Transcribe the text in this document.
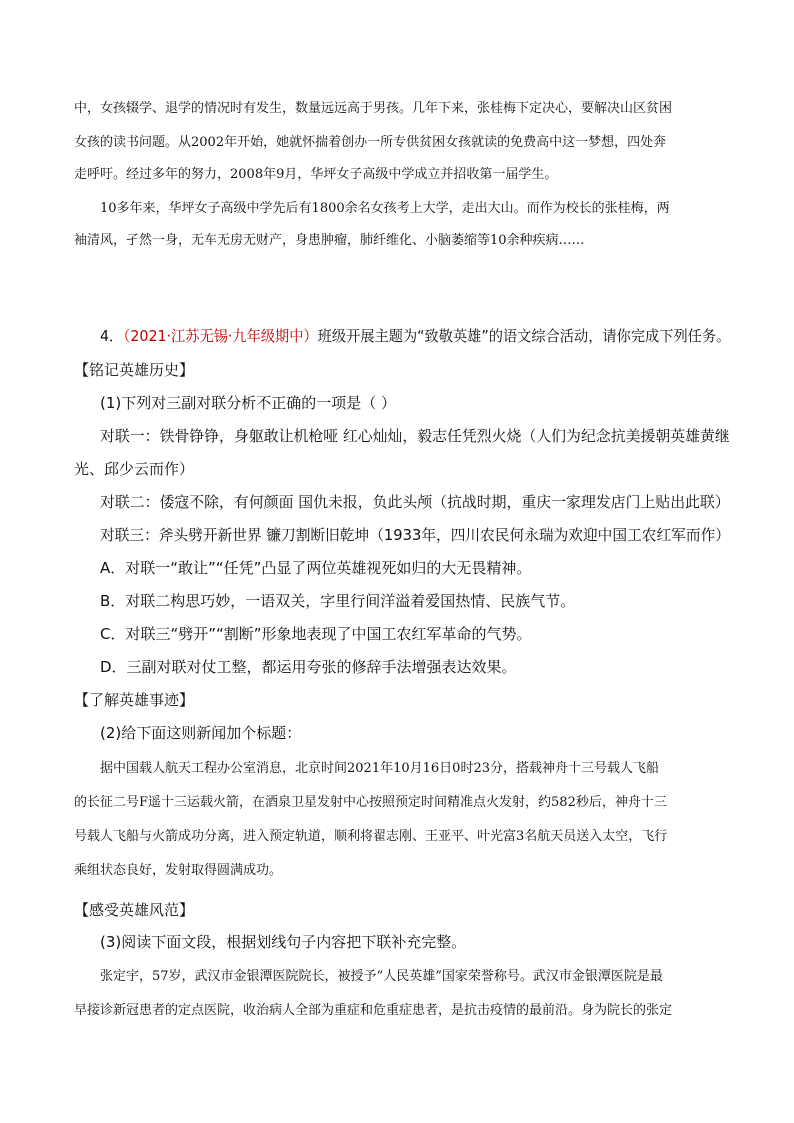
中，女孩辍学、退学的情况时有发生，数量远远高于男孩。几年下来，张桂梅下定决心，要解决山区贫困
女孩的读书问题。从2002年开始，她就怀揣着创办一所专供贫困女孩就读的免费高中这一梦想，四处奔
走呼吁。经过多年的努力，2008年9月，华坪女子高级中学成立并招收第一届学生。
10多年来，华坪女子高级中学先后有1800余名女孩考上大学，走出大山。而作为校长的张桂梅，两
袖清风，孑然一身，无车无房无财产，身患肿瘤，肺纤维化、小脑萎缩等10余种疾病……
4．（2021·江苏无锡·九年级期中）班级开展主题为“致敬英雄”的语文综合活动，请你完成下列任务。
【铭记英雄历史】
(1)下列对三副对联分析不正确的一项是（ ）
对联一：铁骨铮铮，身躯敢让机枪哑 红心灿灿，毅志任凭烈火烧（人们为纪念抗美援朝英雄黄继
光、邱少云而作）
对联二：倭寇不除，有何颜面 国仇未报，负此头颅（抗战时期，重庆一家理发店门上贴出此联）
对联三：斧头劈开新世界 镰刀割断旧乾坤（1933年，四川农民何永瑞为欢迎中国工农红军而作）
A．对联一“敢让”“任凭”凸显了两位英雄视死如归的大无畏精神。
B．对联二构思巧妙，一语双关，字里行间洋溢着爱国热情、民族气节。
C．对联三“劈开”“割断”形象地表现了中国工农红军革命的气势。
D．三副对联对仗工整，都运用夸张的修辞手法增强表达效果。
【了解英雄事迹】
(2)给下面这则新闻加个标题：
据中国载人航天工程办公室消息，北京时间2021年10月16日0时23分，搭载神舟十三号载人飞船
的长征二号F遥十三运载火箭，在酒泉卫星发射中心按照预定时间精准点火发射，约582秒后，神舟十三
号载人飞船与火箭成功分离，进入预定轨道，顺利将翟志刚、王亚平、叶光富3名航天员送入太空，飞行
乘组状态良好，发射取得圆满成功。
【感受英雄风范】
(3)阅读下面文段，根据划线句子内容把下联补充完整。
张定宇，57岁，武汉市金银潭医院院长，被授予“人民英雄”国家荣誉称号。武汉市金银潭医院是最
早接诊新冠患者的定点医院，收治病人全部为重症和危重症患者，是抗击疫情的最前沿。身为院长的张定
